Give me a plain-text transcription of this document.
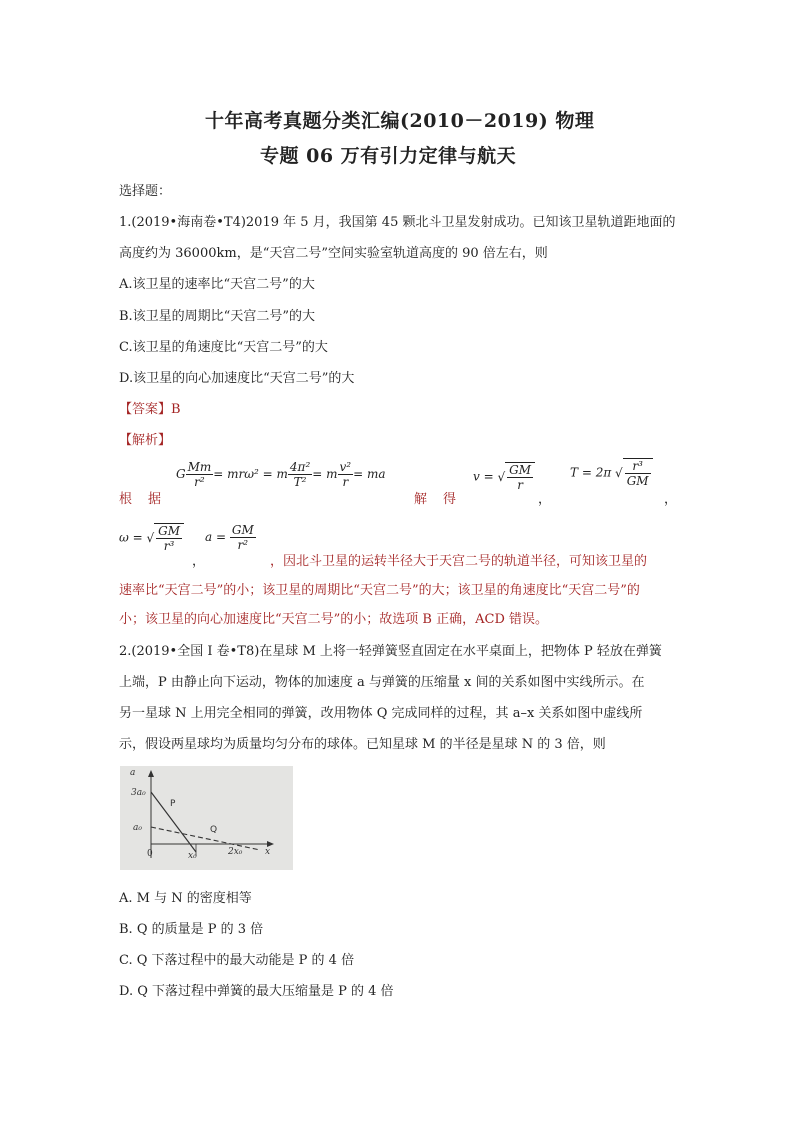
十年高考真题分类汇编(2010－2019) 物理
专题 06 万有引力定律与航天
选择题：
1.(2019•海南卷•T4)2019 年 5 月，我国第 45 颗北斗卫星发射成功。已知该卫星轨道距地面的
高度约为 36000km，是“天宫二号”空间实验室轨道高度的 90 倍左右，则
A.该卫星的速率比“天宫二号”的大
B.该卫星的周期比“天宫二号”的大
C.该卫星的角速度比“天宫二号”的大
D.该卫星的向心加速度比“天宫二号”的大
【答案】B
【解析】
根 据
G $\frac{Mm}{\text{r²}} = mr\omega^2 = m \frac{\text{4π²}}{\text{T²}} = m \frac{\text{v²}}{r}$ = ma
解 得
v = √ $\frac{GM}{r}$
，
T = 2π √ $\frac{\text{r³}}{GM}$
，
ω = √ $\frac{GM}{\text{r³}}$
，
$a = \frac{GM}{\text{r²}}$
，因北斗卫星的运转半径大于天宫二号的轨道半径，可知该卫星的
速率比“天宫二号”的小；该卫星的周期比“天宫二号”的大；该卫星的角速度比“天宫二号”的
小；该卫星的向心加速度比“天宫二号”的小；故选项 B 正确，ACD 错误。
2.(2019•全国 I 卷•T8)在星球 M 上将一轻弹簧竖直固定在水平桌面上，把物体 P 轻放在弹簧
上端，P 由静止向下运动，物体的加速度 a 与弹簧的压缩量 x 间的关系如图中实线所示。在
另一星球 N 上用完全相同的弹簧，改用物体 Q 完成同样的过程，其 a–x 关系如图中虚线所
示，假设两星球均为质量均匀分布的球体。已知星球 M 的半径是星球 N 的 3 倍，则
a
3a₀
P
a₀	Q
0	x₀	2x₀	x
A. M 与 N 的密度相等
B. Q 的质量是 P 的 3 倍
C. Q 下落过程中的最大动能是 P 的 4 倍
D. Q 下落过程中弹簧的最大压缩量是 P 的 4 倍
